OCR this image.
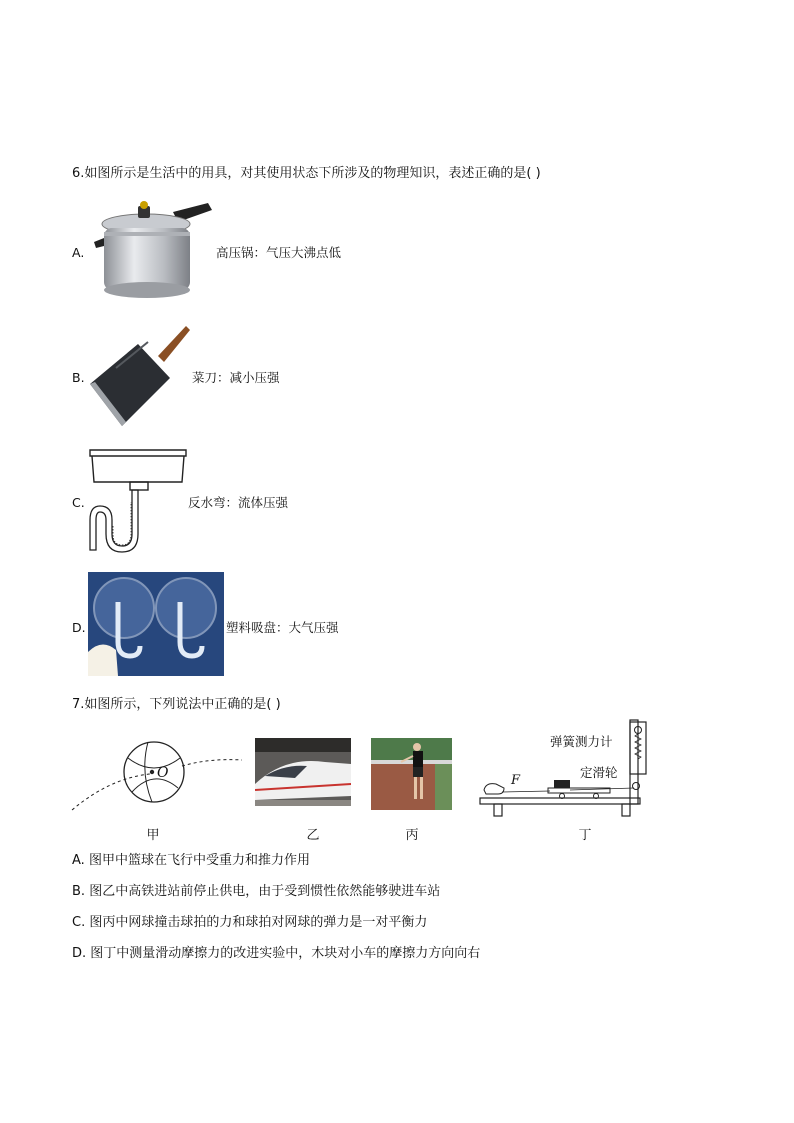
6.如图所示是生活中的用具，对其使用状态下所涉及的物理知识，表述正确的是( )
A.	高压锅：气压大沸点低
B.	菜刀：减小压强
C.	反水弯：流体压强
D.	塑料吸盘：大气压强
7.如图所示，下列说法中正确的是( )
O
甲	乙	丙
F
弹簧测力计
定滑轮
丁
A. 图甲中篮球在飞行中受重力和推力作用
B. 图乙中高铁进站前停止供电，由于受到惯性依然能够驶进车站
C. 图丙中网球撞击球拍的力和球拍对网球的弹力是一对平衡力
D. 图丁中测量滑动摩擦力的改进实验中，木块对小车的摩擦力方向向右
